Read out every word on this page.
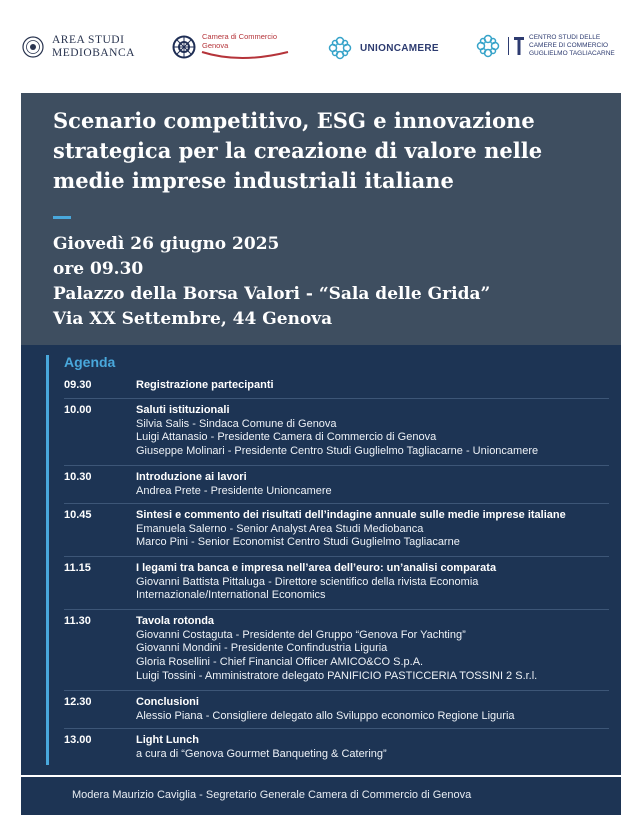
AREA STUDI
MEDIOBANCA
Camera di Commercio
Genova	UNIONCAMERE
CENTRO STUDI DELLE
CAMERE DI COMMERCIO
GUGLIELMO TAGLIACARNE
Scenario competitivo, ESG e innovazione strategica per la creazione di valore nelle medie imprese industriali italiane
Giovedì 26 giugno 2025
ore 09.30
Palazzo della Borsa Valori - “Sala delle Grida”
Via XX Settembre, 44 Genova
Agenda
09.30	Registrazione partecipanti
10.00	Saluti istituzionali
Silvia Salis - Sindaca Comune di Genova
Luigi Attanasio - Presidente Camera di Commercio di Genova
Giuseppe Molinari - Presidente Centro Studi Guglielmo Tagliacarne - Unioncamere
10.30	Introduzione ai lavori
Andrea Prete - Presidente Unioncamere
10.45	Sintesi e commento dei risultati dell’indagine annuale sulle medie imprese italiane
Emanuela Salerno - Senior Analyst Area Studi Mediobanca
Marco Pini - Senior Economist Centro Studi Guglielmo Tagliacarne
11.15	I legami tra banca e impresa nell’area dell’euro: un’analisi comparata
Giovanni Battista Pittaluga - Direttore scientifico della rivista Economia
Internazionale/International Economics
11.30	Tavola rotonda
Giovanni Costaguta - Presidente del Gruppo “Genova For Yachting”
Giovanni Mondini - Presidente Confindustria Liguria
Gloria Rosellini - Chief Financial Officer AMICO&CO S.p.A.
Luigi Tossini - Amministratore delegato PANIFICIO PASTICCERIA TOSSINI 2 S.r.l.
12.30	Conclusioni
Alessio Piana - Consigliere delegato allo Sviluppo economico Regione Liguria
13.00	Light Lunch
a cura di “Genova Gourmet Banqueting & Catering”
Modera Maurizio Caviglia - Segretario Generale Camera di Commercio di Genova
